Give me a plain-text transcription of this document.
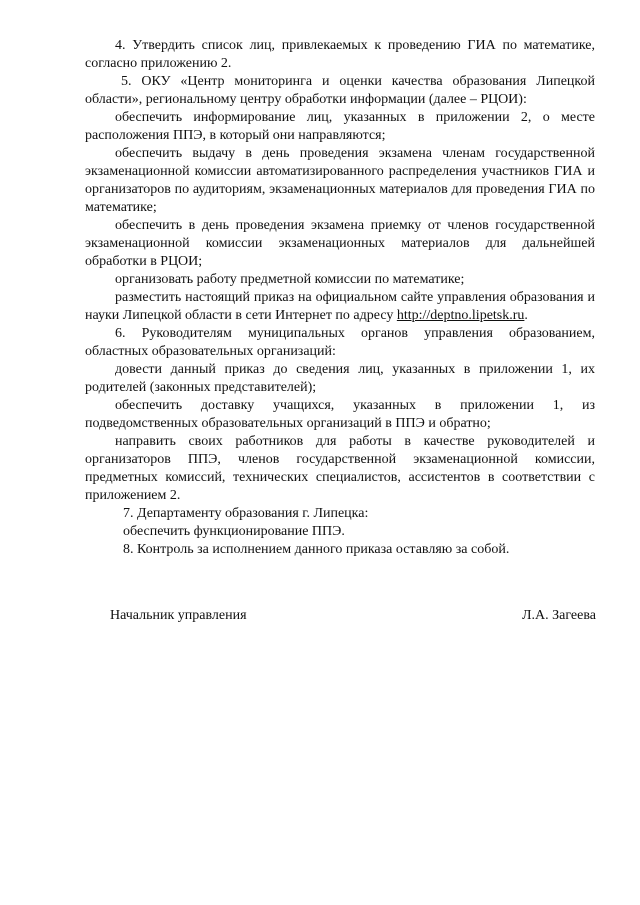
4. Утвердить список лиц, привлекаемых к проведению ГИА по математике, согласно приложению 2.

5. ОКУ «Центр мониторинга и оценки качества образования Липецкой области», региональному центру обработки информации (далее – РЦОИ):

обеспечить информирование лиц, указанных в приложении 2, о месте расположения ППЭ, в который они направляются;

обеспечить выдачу в день проведения экзамена членам государственной экзаменационной комиссии автоматизированного распределения участников ГИА и организаторов по аудиториям, экзаменационных материалов для проведения ГИА по математике;

обеспечить в день проведения экзамена приемку от членов государственной экзаменационной комиссии экзаменационных материалов для дальнейшей обработки в РЦОИ;

организовать работу предметной комиссии по математике;

разместить настоящий приказ на официальном сайте управления образования и науки Липецкой области в сети Интернет по адресу http://deptno.lipetsk.ru.

6. Руководителям муниципальных органов управления образованием, областных образовательных организаций:

довести данный приказ до сведения лиц, указанных в приложении 1, их родителей (законных представителей);

обеспечить доставку учащихся, указанных в приложении 1, из подведомственных образовательных организаций в ППЭ и обратно;

направить своих работников для работы в качестве руководителей и организаторов ППЭ, членов государственной экзаменационной комиссии, предметных комиссий, технических специалистов, ассистентов в соответствии с приложением 2.

7. Департаменту образования г. Липецка:

обеспечить функционирование ППЭ.

8. Контроль за исполнением данного приказа оставляю за собой.

Начальник управления	Л.А. Загеева
